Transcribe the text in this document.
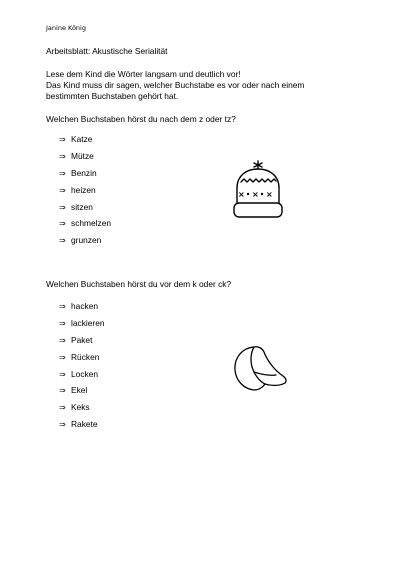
Janine König
Arbeitsblatt: Akustische Serialität
Lese dem Kind die Wörter langsam und deutlich vor!
Das Kind muss dir sagen, welcher Buchstabe es vor oder nach einem
bestimmten Buchstaben gehört hat.
Welchen Buchstaben hörst du nach dem z oder tz?
⇒ Katze
⇒ Mütze
⇒ Benzin
⇒ heizen
⇒ sitzen
⇒ schmelzen
⇒ grunzen
× × ×
Welchen Buchstaben hörst du vor dem k oder ck?
⇒ hacken
⇒ lackieren
⇒ Paket
⇒ Rücken
⇒ Locken
⇒ Ekel
⇒ Keks
⇒ Rakete
